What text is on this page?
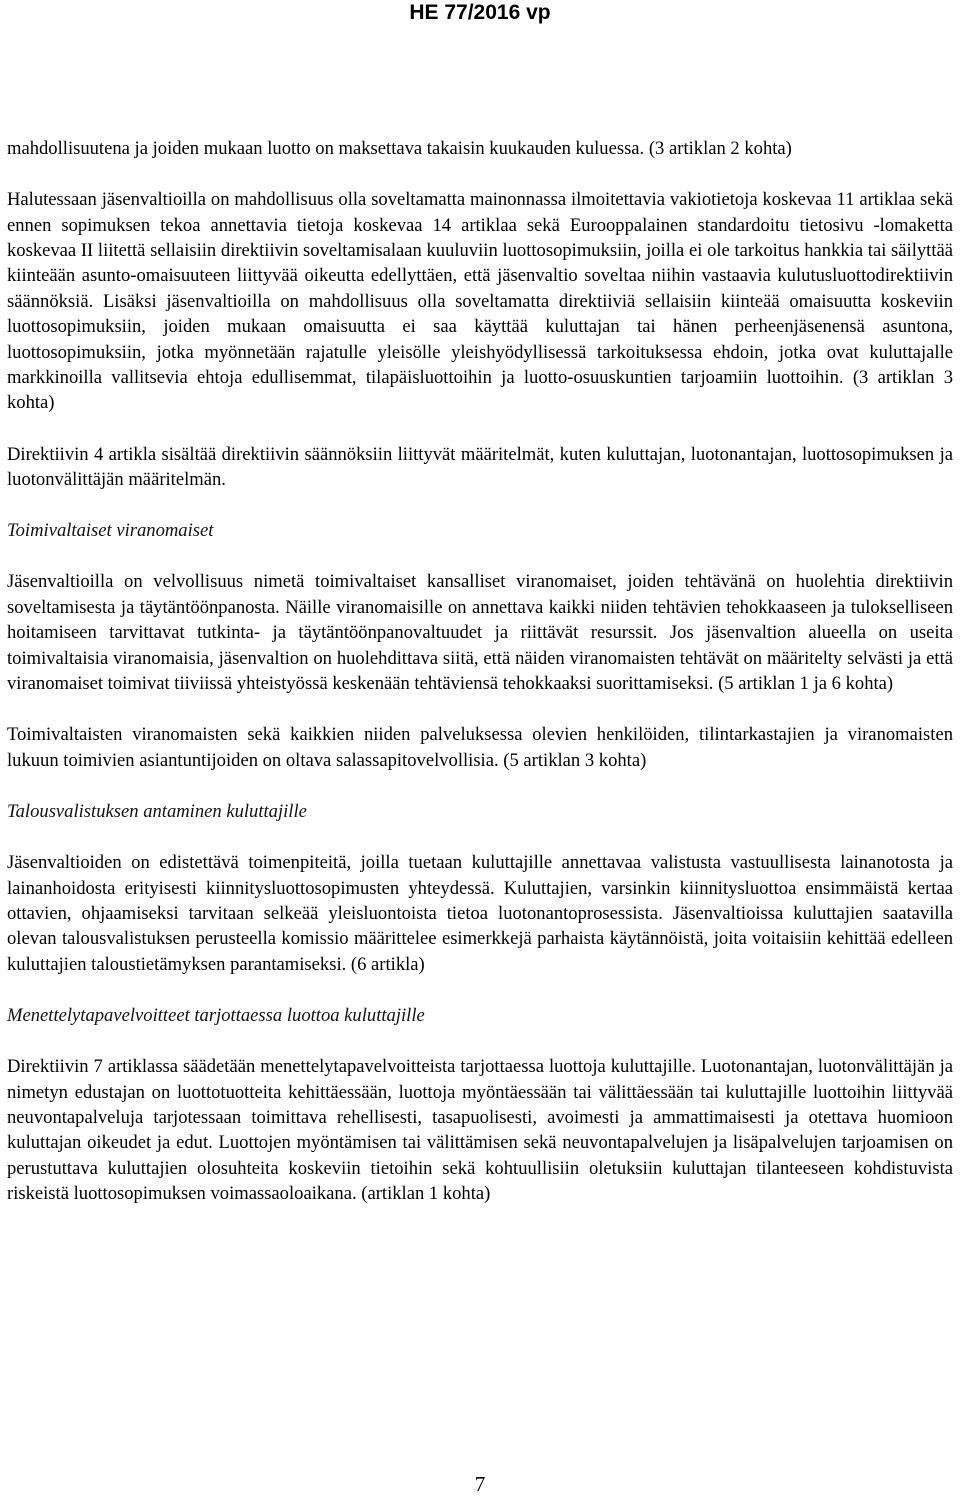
HE 77/2016 vp

mahdollisuutena ja joiden mukaan luotto on maksettava takaisin kuukauden kuluessa. (3 artiklan 2 kohta)

Halutessaan jäsenvaltioilla on mahdollisuus olla soveltamatta mainonnassa ilmoitettavia vakiotietoja koskevaa 11 artiklaa sekä ennen sopimuksen tekoa annettavia tietoja koskevaa 14 artiklaa sekä Eurooppalainen standardoitu tietosivu -lomaketta koskevaa II liitettä sellaisiin direktiivin soveltamisalaan kuuluviin luottosopimuksiin, joilla ei ole tarkoitus hankkia tai säilyttää kiinteään asunto-omaisuuteen liittyvää oikeutta edellyttäen, että jäsenvaltio soveltaa niihin vastaavia kulutusluottodirektiivin säännöksiä. Lisäksi jäsenvaltioilla on mahdollisuus olla soveltamatta direktiiviä sellaisiin kiinteää omaisuutta koskeviin luottosopimuksiin, joiden mukaan omaisuutta ei saa käyttää kuluttajan tai hänen perheenjäsenensä asuntona, luottosopimuksiin, jotka myönnetään rajatulle yleisölle yleishyödyllisessä tarkoituksessa ehdoin, jotka ovat kuluttajalle markkinoilla vallitsevia ehtoja edullisemmat, tilapäisluottoihin ja luotto-osuuskuntien tarjoamiin luottoihin. (3 artiklan 3 kohta)

Direktiivin 4 artikla sisältää direktiivin säännöksiin liittyvät määritelmät, kuten kuluttajan, luotonantajan, luottosopimuksen ja luotonvälittäjän määritelmän.

Toimivaltaiset viranomaiset

Jäsenvaltioilla on velvollisuus nimetä toimivaltaiset kansalliset viranomaiset, joiden tehtävänä on huolehtia direktiivin soveltamisesta ja täytäntöönpanosta. Näille viranomaisille on annettava kaikki niiden tehtävien tehokkaaseen ja tulokselliseen hoitamiseen tarvittavat tutkinta- ja täytäntöönpanovaltuudet ja riittävät resurssit. Jos jäsenvaltion alueella on useita toimivaltaisia viranomaisia, jäsenvaltion on huolehdittava siitä, että näiden viranomaisten tehtävät on määritelty selvästi ja että viranomaiset toimivat tiiviissä yhteistyössä keskenään tehtäviensä tehokkaaksi suorittamiseksi. (5 artiklan 1 ja 6 kohta)

Toimivaltaisten viranomaisten sekä kaikkien niiden palveluksessa olevien henkilöiden, tilintarkastajien ja viranomaisten lukuun toimivien asiantuntijoiden on oltava salassapitovelvollisia. (5 artiklan 3 kohta)

Talousvalistuksen antaminen kuluttajille

Jäsenvaltioiden on edistettävä toimenpiteitä, joilla tuetaan kuluttajille annettavaa valistusta vastuullisesta lainanotosta ja lainanhoidosta erityisesti kiinnitysluottosopimusten yhteydessä. Kuluttajien, varsinkin kiinnitysluottoa ensimmäistä kertaa ottavien, ohjaamiseksi tarvitaan selkeää yleisluontoista tietoa luotonantoprosessista. Jäsenvaltioissa kuluttajien saatavilla olevan talousvalistuksen perusteella komissio määrittelee esimerkkejä parhaista käytännöistä, joita voitaisiin kehittää edelleen kuluttajien taloustietämyksen parantamiseksi. (6 artikla)

Menettelytapavelvoitteet tarjottaessa luottoa kuluttajille

Direktiivin 7 artiklassa säädetään menettelytapavelvoitteista tarjottaessa luottoja kuluttajille. Luotonantajan, luotonvälittäjän ja nimetyn edustajan on luottotuotteita kehittäessään, luottoja myöntäessään tai välittäessään tai kuluttajille luottoihin liittyvää neuvontapalveluja tarjotessaan toimittava rehellisesti, tasapuolisesti, avoimesti ja ammattimaisesti ja otettava huomioon kuluttajan oikeudet ja edut. Luottojen myöntämisen tai välittämisen sekä neuvontapalvelujen ja lisäpalvelujen tarjoamisen on perustuttava kuluttajien olosuhteita koskeviin tietoihin sekä kohtuullisiin oletuksiin kuluttajan tilanteeseen kohdistuvista riskeistä luottosopimuksen voimassaoloaikana. (artiklan 1 kohta)

7
